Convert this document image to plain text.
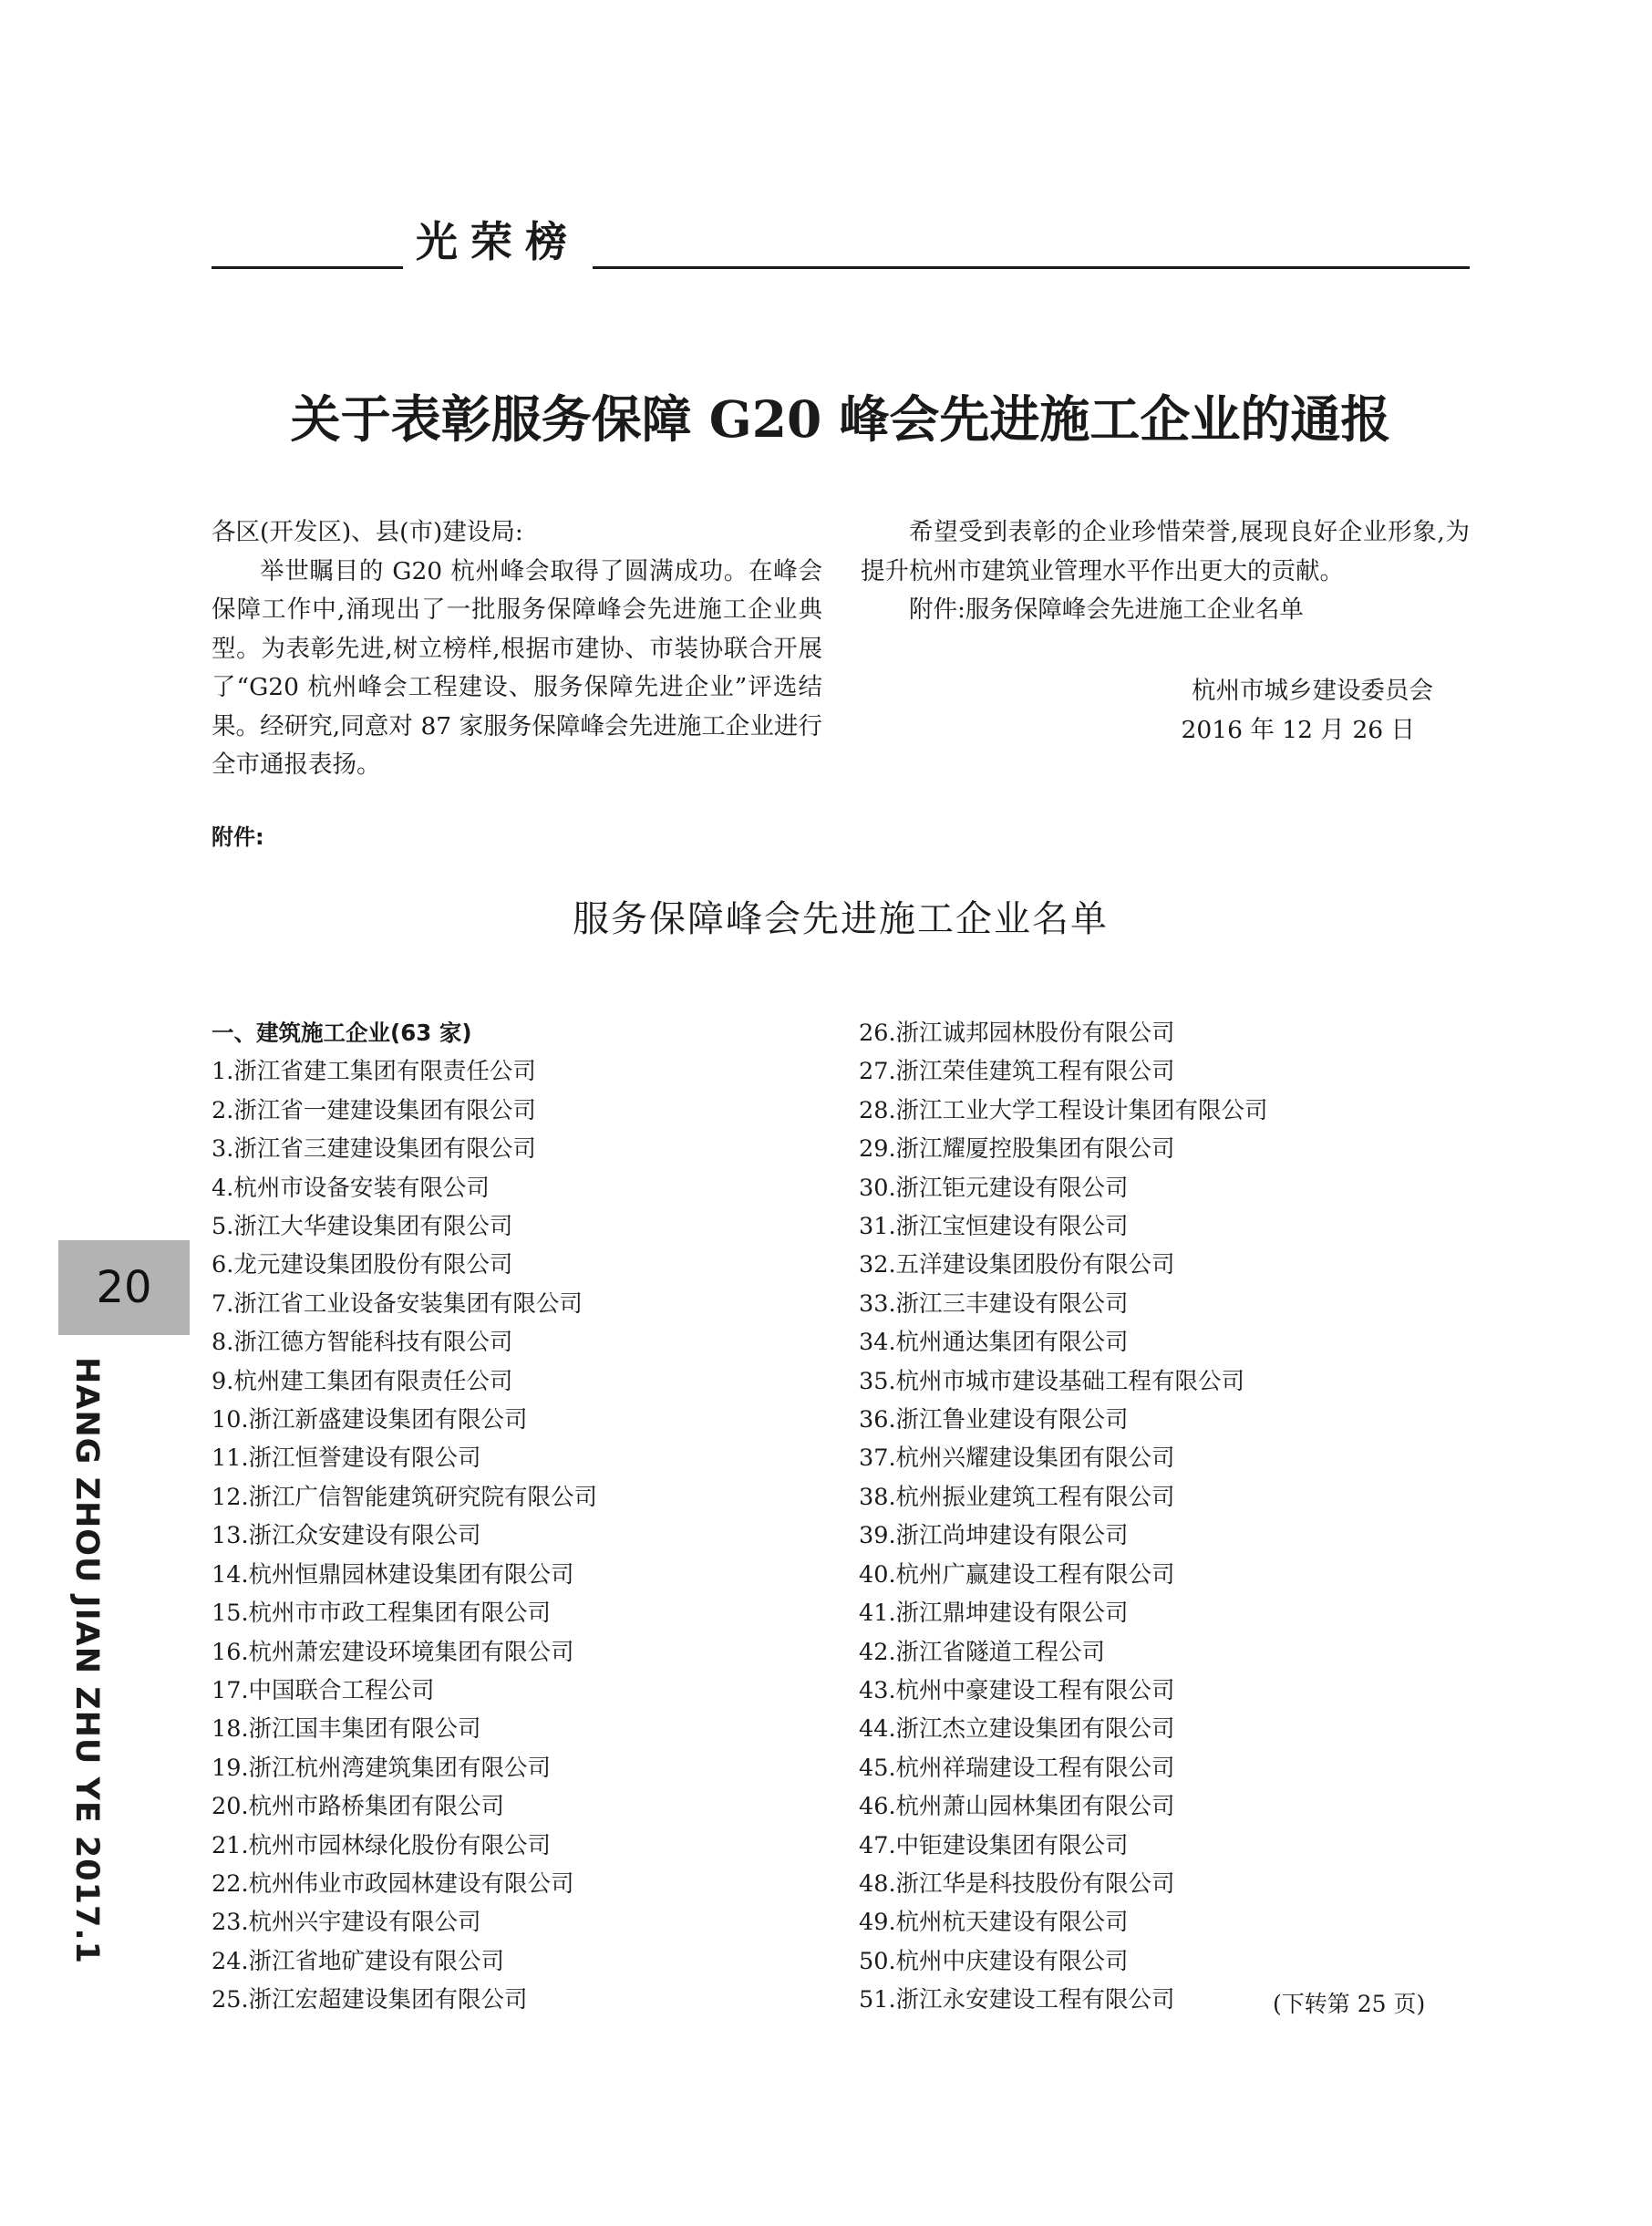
光荣榜
关于表彰服务保障 G20 峰会先进施工企业的通报

各区(开发区)、县(市)建设局:

举世瞩目的 G20 杭州峰会取得了圆满成功。在峰会保障工作中,涌现出了一批服务保障峰会先进施工企业典型。为表彰先进,树立榜样,根据市建协、市装协联合开展了“G20 杭州峰会工程建设、服务保障先进企业”评选结果。经研究,同意对 87 家服务保障峰会先进施工企业进行全市通报表扬。

希望受到表彰的企业珍惜荣誉,展现良好企业形象,为提升杭州市建筑业管理水平作出更大的贡献。

附件:服务保障峰会先进施工企业名单

杭州市城乡建设委员会
2016 年 12 月 26 日
附件:
服务保障峰会先进施工企业名单
一、建筑施工企业(63 家)
1.浙江省建工集团有限责任公司
2.浙江省一建建设集团有限公司
3.浙江省三建建设集团有限公司
4.杭州市设备安装有限公司
5.浙江大华建设集团有限公司
6.龙元建设集团股份有限公司
7.浙江省工业设备安装集团有限公司
8.浙江德方智能科技有限公司
9.杭州建工集团有限责任公司
10.浙江新盛建设集团有限公司
11.浙江恒誉建设有限公司
12.浙江广信智能建筑研究院有限公司
13.浙江众安建设有限公司
14.杭州恒鼎园林建设集团有限公司
15.杭州市市政工程集团有限公司
16.杭州萧宏建设环境集团有限公司
17.中国联合工程公司
18.浙江国丰集团有限公司
19.浙江杭州湾建筑集团有限公司
20.杭州市路桥集团有限公司
21.杭州市园林绿化股份有限公司
22.杭州伟业市政园林建设有限公司
23.杭州兴宇建设有限公司
24.浙江省地矿建设有限公司
25.浙江宏超建设集团有限公司
26.浙江诚邦园林股份有限公司
27.浙江荣佳建筑工程有限公司
28.浙江工业大学工程设计集团有限公司
29.浙江耀厦控股集团有限公司
30.浙江钜元建设有限公司
31.浙江宝恒建设有限公司
32.五洋建设集团股份有限公司
33.浙江三丰建设有限公司
34.杭州通达集团有限公司
35.杭州市城市建设基础工程有限公司
36.浙江鲁业建设有限公司
37.杭州兴耀建设集团有限公司
38.杭州振业建筑工程有限公司
39.浙江尚坤建设有限公司
40.杭州广赢建设工程有限公司
41.浙江鼎坤建设有限公司
42.浙江省隧道工程公司
43.杭州中豪建设工程有限公司
44.浙江杰立建设集团有限公司
45.杭州祥瑞建设工程有限公司
46.杭州萧山园林集团有限公司
47.中钜建设集团有限公司
48.浙江华是科技股份有限公司
49.杭州杭天建设有限公司
50.杭州中庆建设有限公司
51.浙江永安建设工程有限公司	(下转第 25 页)
20
HANG ZHOU JIAN ZHU YE 2017.1
